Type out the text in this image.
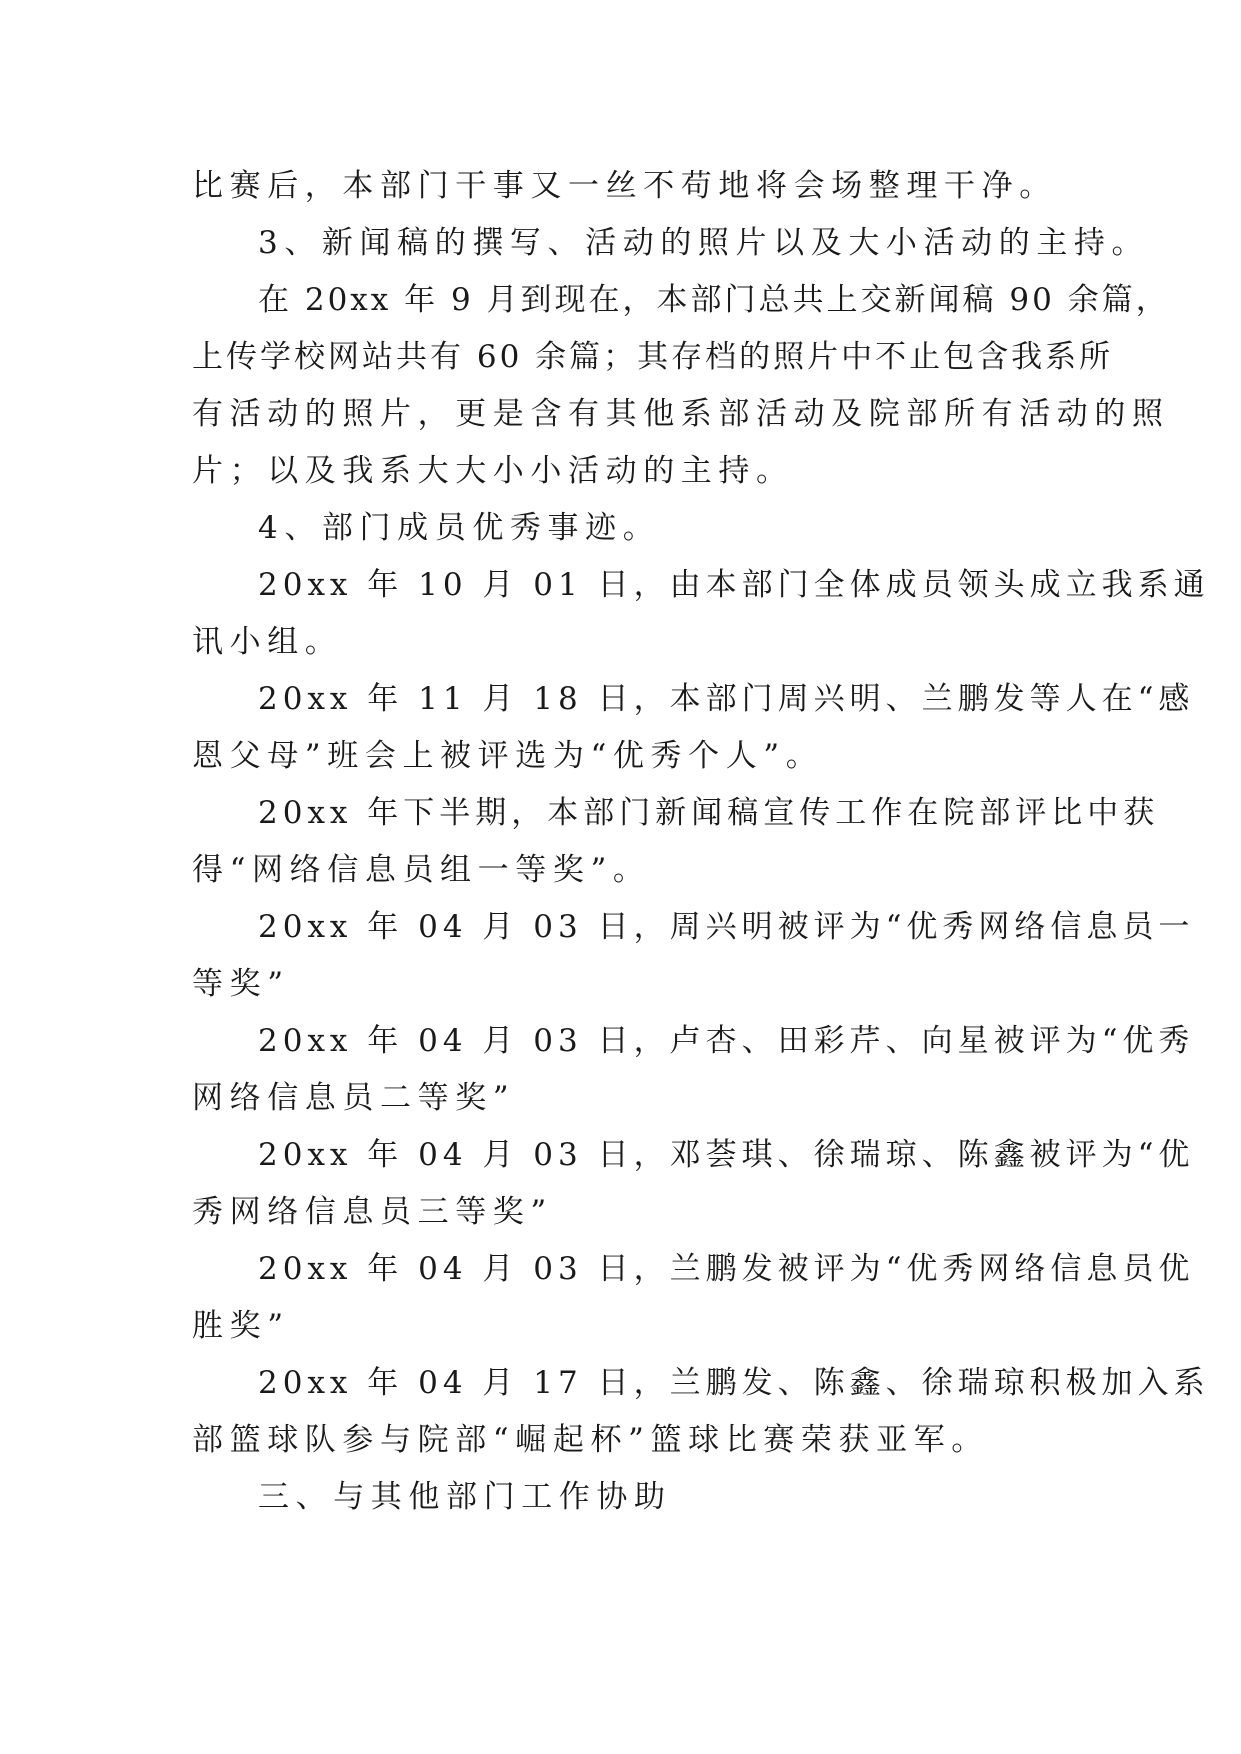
比赛后，本部门干事又一丝不苟地将会场整理干净。
3、新闻稿的撰写、活动的照片以及大小活动的主持。
在 20xx 年 9 月到现在，本部门总共上交新闻稿 90 余篇，
上传学校网站共有 60 余篇；其存档的照片中不止包含我系所
有活动的照片，更是含有其他系部活动及院部所有活动的照
片；以及我系大大小小活动的主持。
4、部门成员优秀事迹。
20xx 年 10 月 01 日，由本部门全体成员领头成立我系通
讯小组。
20xx 年 11 月 18 日，本部门周兴明、兰鹏发等人在“感
恩父母”班会上被评选为“优秀个人”。
20xx 年下半期，本部门新闻稿宣传工作在院部评比中获
得“网络信息员组一等奖”。
20xx 年 04 月 03 日，周兴明被评为“优秀网络信息员一
等奖”
20xx 年 04 月 03 日，卢杏、田彩芹、向星被评为“优秀
网络信息员二等奖”
20xx 年 04 月 03 日，邓荟琪、徐瑞琼、陈鑫被评为“优
秀网络信息员三等奖”
20xx 年 04 月 03 日，兰鹏发被评为“优秀网络信息员优
胜奖”
20xx 年 04 月 17 日，兰鹏发、陈鑫、徐瑞琼积极加入系
部篮球队参与院部“崛起杯”篮球比赛荣获亚军。
三、与其他部门工作协助
